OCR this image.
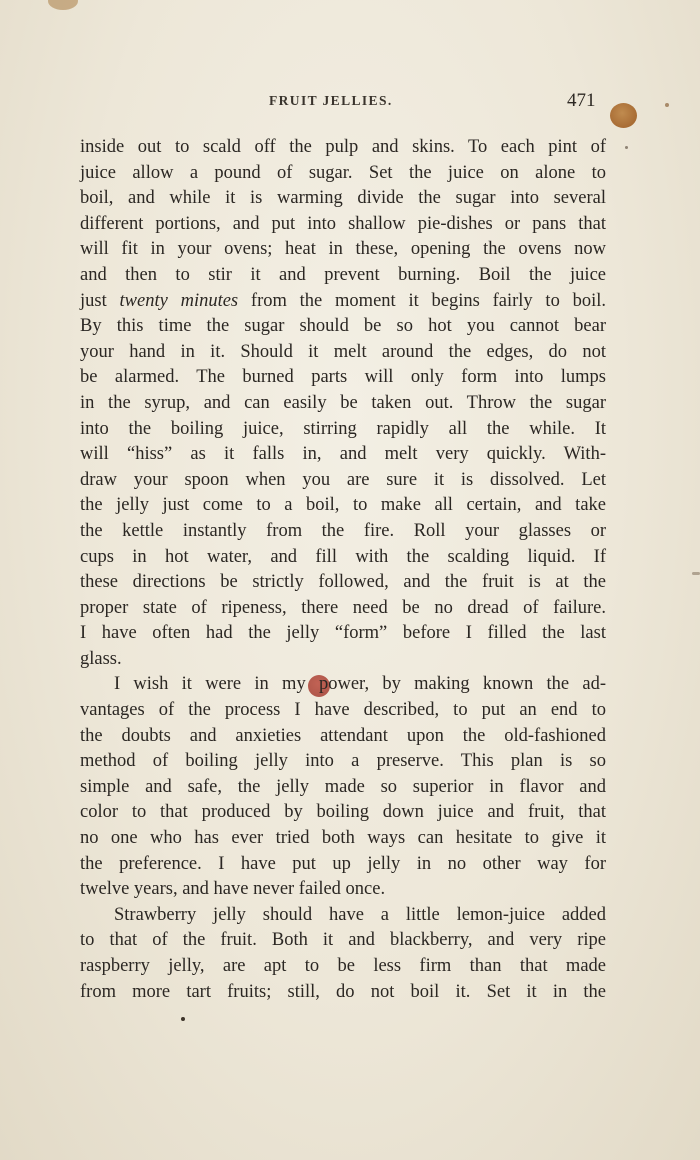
FRUIT JELLIES.	471
inside out to scald off the pulp and skins. To each pint of
juice allow a pound of sugar. Set the juice on alone to
boil, and while it is warming divide the sugar into several
different portions, and put into shallow pie-dishes or pans that
will fit in your ovens; heat in these, opening the ovens now
and then to stir it and prevent burning. Boil the juice
just twenty minutes from the moment it begins fairly to boil.
By this time the sugar should be so hot you cannot bear
your hand in it. Should it melt around the edges, do not
be alarmed. The burned parts will only form into lumps
in the syrup, and can easily be taken out. Throw the sugar
into the boiling juice, stirring rapidly all the while. It
will “hiss” as it falls in, and melt very quickly. With-
draw your spoon when you are sure it is dissolved. Let
the jelly just come to a boil, to make all certain, and take
the kettle instantly from the fire. Roll your glasses or
cups in hot water, and fill with the scalding liquid. If
these directions be strictly followed, and the fruit is at the
proper state of ripeness, there need be no dread of failure.
I have often had the jelly “form” before I filled the last
glass.
I wish it were in my power, by making known the ad-
vantages of the process I have described, to put an end to
the doubts and anxieties attendant upon the old-fashioned
method of boiling jelly into a preserve. This plan is so
simple and safe, the jelly made so superior in flavor and
color to that produced by boiling down juice and fruit, that
no one who has ever tried both ways can hesitate to give it
the preference. I have put up jelly in no other way for
twelve years, and have never failed once.
Strawberry jelly should have a little lemon-juice added
to that of the fruit. Both it and blackberry, and very ripe
raspberry jelly, are apt to be less firm than that made
from more tart fruits; still, do not boil it. Set it in the
